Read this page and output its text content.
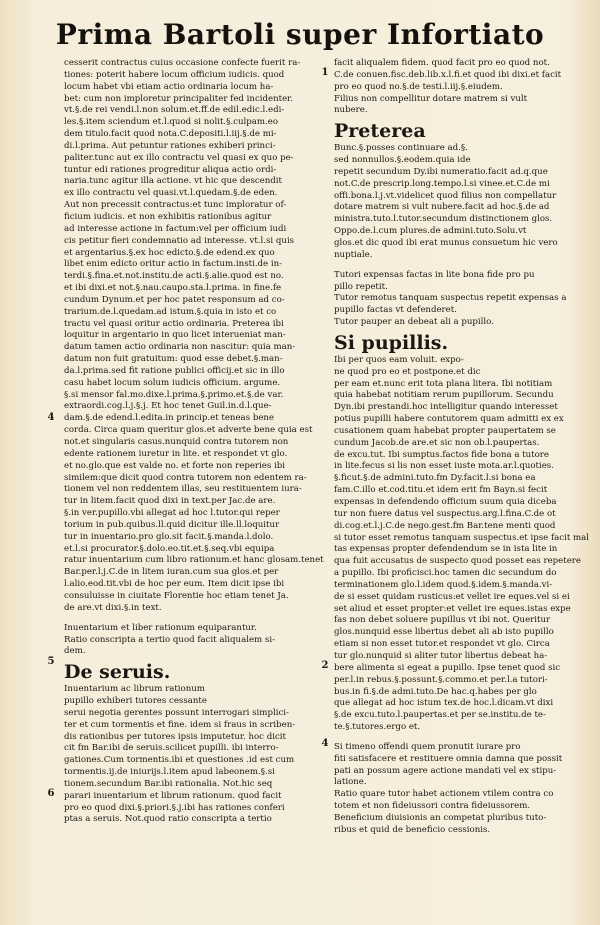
Prima Bartoli super Infortiato
cesserit contractus cuius occasione confecte fuerit ra-
tiones: poterit habere locum officium iudicis. quod
locum habet vbi etiam actio ordinaria locum ha-
bet: cum non imploretur principaliter fed incidenter.
vt.§.de rei vendi.l.non solum.et.ff.de edil.edic.l.edi-
les.§.item sciendum et.l.quod si nolit.§.culpam.eo
dem titulo.facit quod nota.C.depositi.l.iij.§.de mi-
di.l.prima. Aut petuntur rationes exhiberi princi-
paliter.tunc aut ex illo contractu vel quasi ex quo pe-
tuntur edi rationes progreditur aliqua actio ordi-
naria.tunc agitur illa actione. vt hic que descendit
ex illo contractu vel quasi.vt.l.quedam.§.de eden.
Aut non precessit contractus:et tunc imploratur of-
ficium iudicis. et non exhibitis rationibus agitur
ad interesse actione in factum:vel per officium iudi
cis petitur fieri condemnatio ad interesse. vt.l.si quis
et argentarius.§.ex hoc edicto.§.de edend.ex quo
libet enim edicto oritur actio in factum.insti.de in-
terdi.§.fina.et.not.institu.de acti.§.alie.quod est no.
et ibi dixi.et not.§.nau.caupo.sta.l.prima. in fine.fe
cundum Dynum.et per hoc patet responsum ad co-
trarium.de.l.quedam.ad istum.§.quia in isto et co
tractu vel quasi oritur actio ordinaria. Preterea ibi
loquitur in argentario in quo licet interueniat man-
datum tamen actio ordinaria non nascitur: quia man-
datum non fuit gratuitum: quod esse debet.§.man-
da.l.prima.sed fit ratione publici officij.et sic in illo
casu habet locum solum iudicis officium. argume.
§.si mensor fal.mo.dixe.l.prima.§.primo.et.§.de var.
extraordi.cog.l.j.§.j. Et hoc tenet Guil.in.d.l.que-
dam.§.de edend.l.edita.in princip.et teneas bene
corda. Circa quam queritur glos.et adverte bene quia est
not.et singularis casus.nunquid contra tutorem non
edente rationem iuretur in lite. et respondet vt glo.
et no.glo.que est valde no. et forte non reperies ibi
similem:que dicit quod contra tutorem non edentem ra-
tionem vel non reddentem illas, seu restituentem iura-
tur in litem.facit quod dixi in text.per Jac.de are.
§.in ver.pupillo.vbi allegat ad hoc l.tutor.qui reper
torium in pub.quibus.ll.quid dicitur ille.ll.loquitur
tur in inuentario.pro glo.sit facit.§.manda.l.dolo.
et.l.si procurator.§.dolo.eo.tit.et.§.seq.vbi equipa
ratur inuentarium cum libro rationum.et hanc glosam.tenet
Bar.per.l.j.C.de in litem iuran.cum sua glos.et per
l.alio.eod.tit.vbi de hoc per eum. Item dicit ipse ibi
consuluisse in ciuitate Florentie hoc etiam tenet Ja.
de are.vt dixi.§.in text.
Inuentarium et liber rationum equiparantur.
Ratio conscripta a tertio quod facit aliqualem si-
dem.
De seruis.
Inuentarium ac librum rationum
pupillo exhiberi tutores cessante
serui negotia gerentes possunt interrogari simplici-
ter et cum tormentis et fine. idem si fraus in scriben-
dis rationibus per tutores ipsis imputetur. hoc dicit
cit fm Bar.ibi de seruis.scilicet pupilli. ibi interro-
gationes.Cum tormentis.ibi et questiones .id est cum
tormentis.ij.de iniurijs.l.item apud labeonem.§.si
tionem.secundum Bar.ibi rationalia. Not.hic seq
parari inuentarium et librum rationum. quod facit
pro eo quod dixi.§.priori.§.j.ibi has rationes conferi
ptas a seruis. Not.quod ratio conscripta a tertio
facit aliqualem fidem. quod facit pro eo quod not.
C.de conuen.fisc.deb.lib.x.l.fi.et quod ibi dixi.et facit
pro eo quod no.§.de testi.l.iij.§.eiudem.
Filius non compellitur dotare matrem si vult
nubere.
Preterea
Bunc.§.posses continuare ad.§.
sed nonnullos.§.eodem.quia ide
repetit secundum Dy.ibi numeratio.facit ad.q.que
not.C.de prescrip.long.tempo.l.si vinee.et.C.de mi
offi.bona.l.j.vt.videlicet quod filius non compellatur
dotare matrem si vult nubere.facit ad hoc.§.de ad
ministra.tuto.l.tutor.secundum distinctionem glos.
Oppo.de.l.cum plures.de admini.tuto.Solu.vt
glos.et dic quod ibi erat munus consuetum hic vero
nuptiale.
Tutori expensas factas in lite bona fide pro pu
pillo repetit.
Tutor remotus tanquam suspectus repetit expensas a
pupillo factas vt defenderet.
Tutor pauper an debeat ali a pupillo.
Si pupillis.
Ibi per quos eam voluit. expo-
ne quod pro eo et postpone.et dic
per eam et.nunc erit tota plana litera. Ibi notitiam
quia habebat notitiam rerum pupillorum. Secundu
Dyn.ibi prestandi.hoc intelligitur quando interesset
potius pupilli habere contutorem quam admitti ex ex
cusationem quam habebat propter paupertatem se
cundum Jacob.de are.et sic non ob.l.paupertas.
de excu.tut. Ibi sumptus.factos fide bona a tutore
in lite.fecus si lis non esset iuste mota.ar.l.quoties.
§.ficut.§.de admini.tuto.fm Dy.facit.l.si bona ea
fam.C.illo et.cod.titu.et idem erit fm Bayn.si fecit
expensas in defendendo officium suum quia diceba
tur non fuere datus vel suspectus.arg.l.fina.C.de ot
di.cog.et.l.j.C.de nego.gest.fm Bar.tene menti quod
si tutor esset remotus tanquam suspectus.et ipse facit mal
tas expensas propter defendendum se in ista lite in
qua fuit accusatus de suspecto quod posset eas repetere
a pupillo. Ibi proficisci.hoc tamen dic secundum do
terminationem glo.l.idem quod.§.idem.§.manda.vi-
de si esset quidam rusticus:et vellet ire eques.vel si ei
set aliud et esset propter:et vellet ire eques.istas expe
fas non debet soluere pupillus vt ibi not. Queritur
glos.nunquid esse libertus debet ali ab isto pupillo
etiam si non esset tutor.et respondet vt glo. Circa
tur glo.nunquid si aliter tutor libertus debeat ha-
bere alimenta si egeat a pupillo. Ipse tenet quod sic
per.l.in rebus.§.possunt.§.commo.et per.l.a tutori-
bus.in fi.§.de admi.tuto.De hac.q.habes per glo
que allegat ad hoc istum tex.de hoc.l.dicam.vt dixi
§.de excu.tuto.l.paupertas.et per se.institu.de te-
te.§.tutores.ergo et.
Si timeno offendi quem pronutit iurare pro
fiti satisfacere et restituere omnia damna que possit
pati an possum agere actione mandati vel ex stipu-
latione.
Ratio quare tutor habet actionem vtilem contra co
totem et non fideiussori contra fideiussorem.
Beneficium diuisionis an competat pluribus tuto-
ribus et quid de beneficio cessionis.
1
4
5
6
2
4
